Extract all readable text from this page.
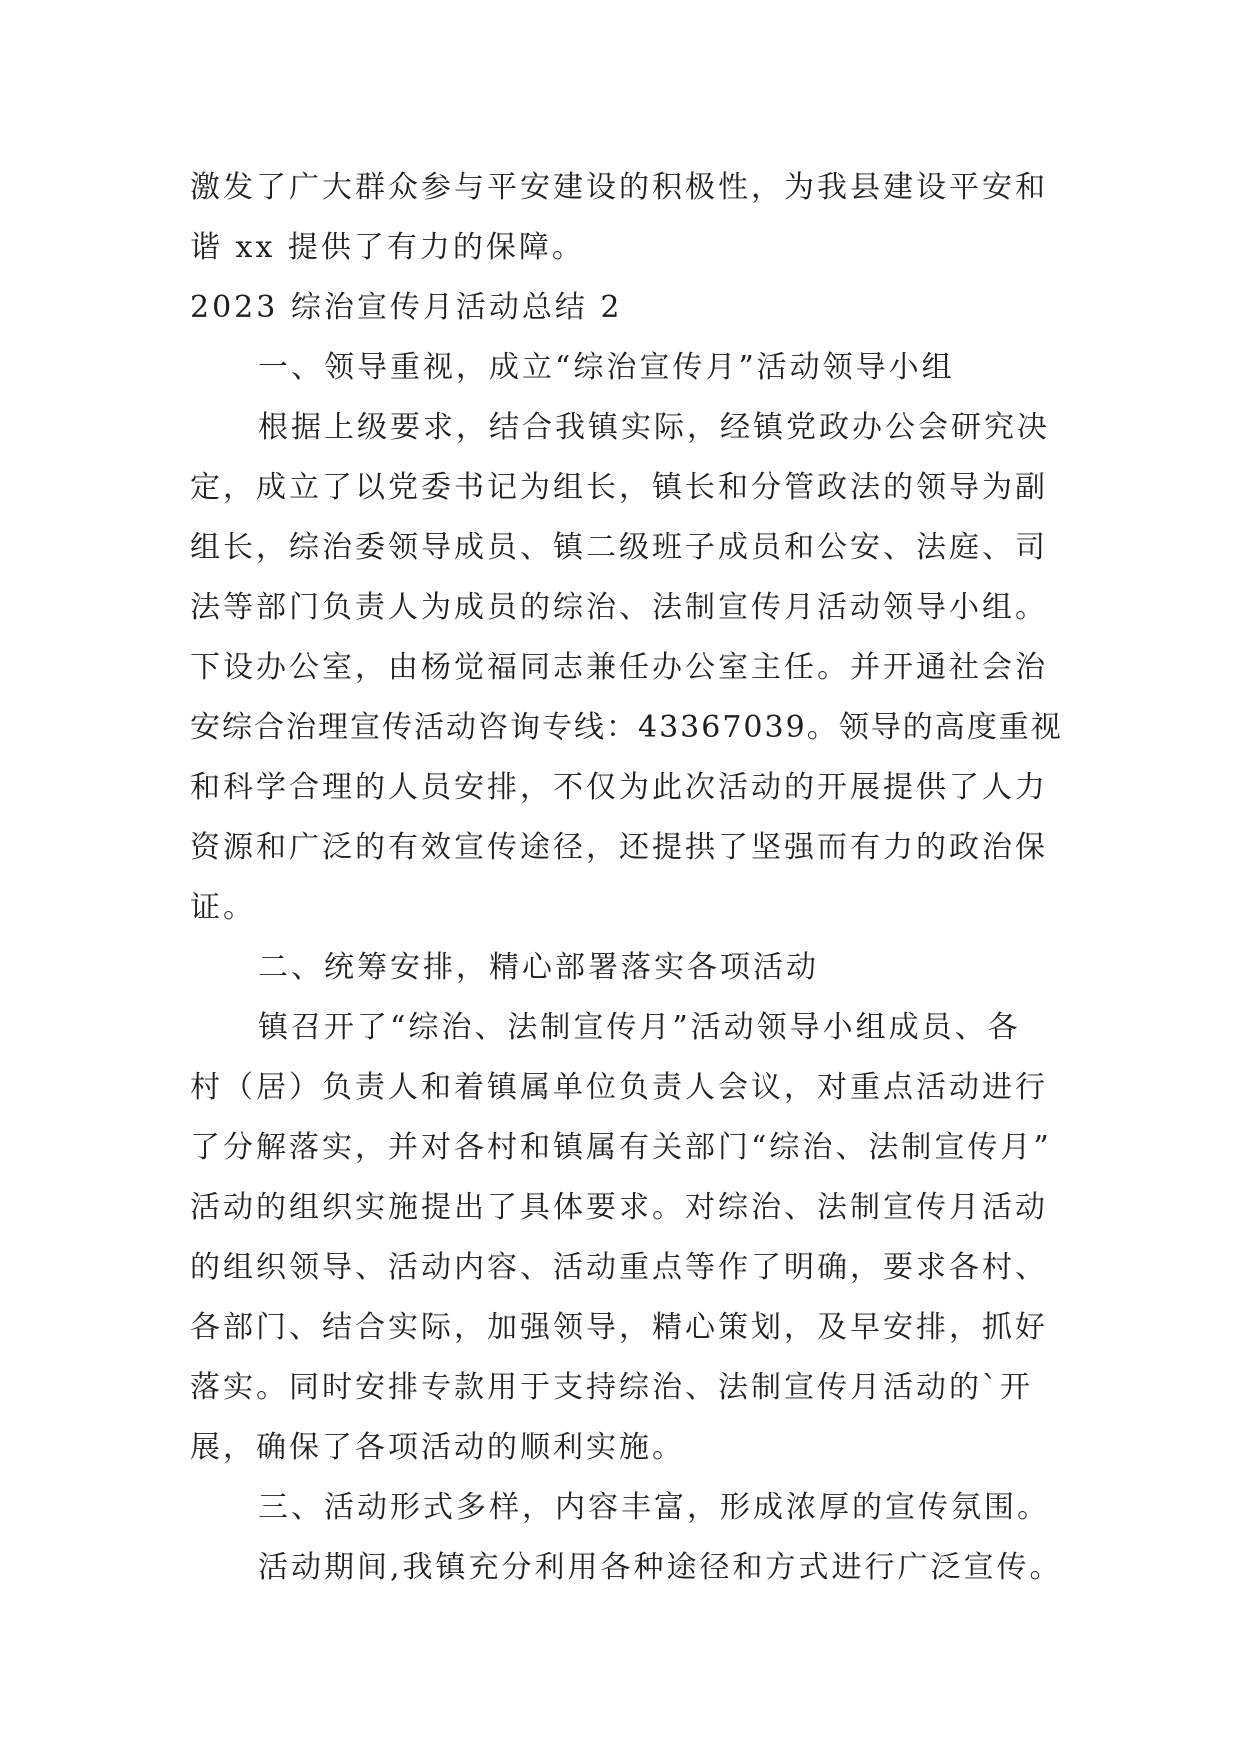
激发了广大群众参与平安建设的积极性，为我县建设平安和
谐 xx 提供了有力的保障。
2023 综治宣传月活动总结 2
一、领导重视，成立“综治宣传月”活动领导小组
根据上级要求，结合我镇实际，经镇党政办公会研究决
定，成立了以党委书记为组长，镇长和分管政法的领导为副
组长，综治委领导成员、镇二级班子成员和公安、法庭、司
法等部门负责人为成员的综治、法制宣传月活动领导小组。
下设办公室，由杨觉福同志兼任办公室主任。并开通社会治
安综合治理宣传活动咨询专线：43367039。领导的高度重视
和科学合理的人员安排，不仅为此次活动的开展提供了人力
资源和广泛的有效宣传途径，还提拱了坚强而有力的政治保
证。
二、统筹安排，精心部署落实各项活动
镇召开了“综治、法制宣传月”活动领导小组成员、各
村（居）负责人和着镇属单位负责人会议，对重点活动进行
了分解落实，并对各村和镇属有关部门“综治、法制宣传月”
活动的组织实施提出了具体要求。对综治、法制宣传月活动
的组织领导、活动内容、活动重点等作了明确，要求各村、
各部门、结合实际，加强领导，精心策划，及早安排，抓好
落实。同时安排专款用于支持综治、法制宣传月活动的`开
展，确保了各项活动的顺利实施。
三、活动形式多样，内容丰富，形成浓厚的宣传氛围。
活动期间,我镇充分利用各种途径和方式进行广泛宣传。
